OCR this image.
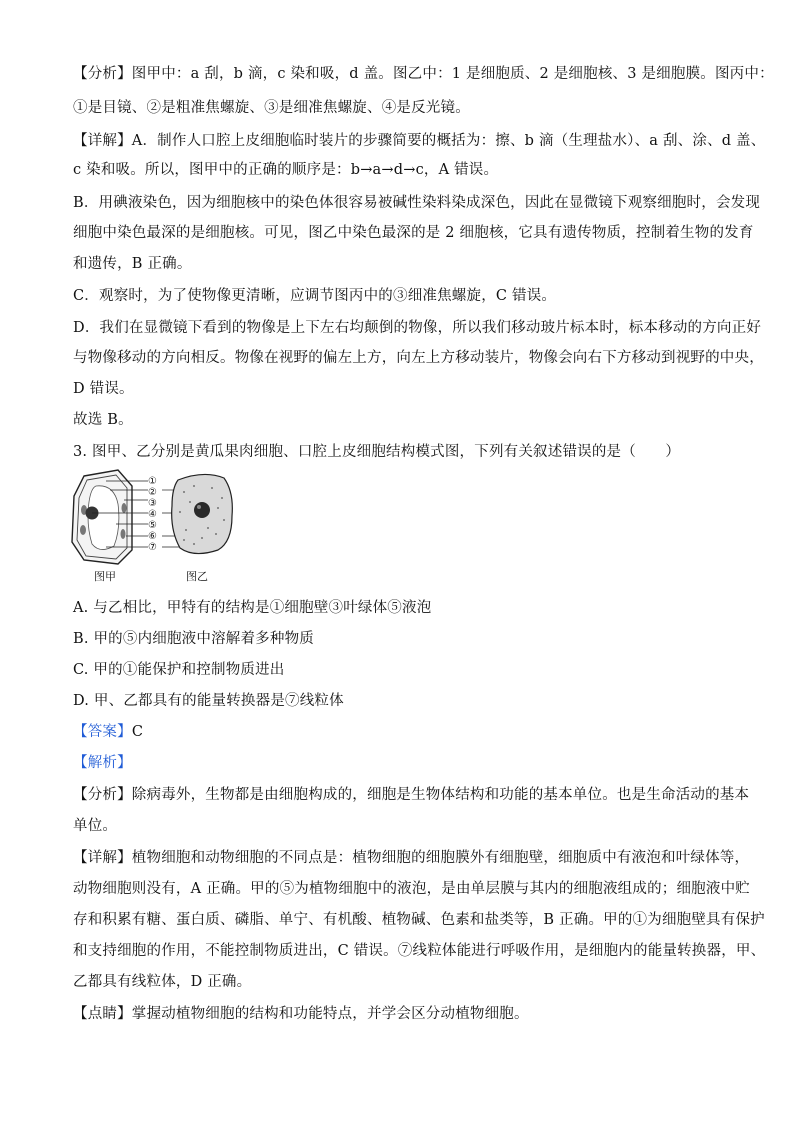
【分析】图甲中：a 刮，b 滴，c 染和吸，d 盖。图乙中：1 是细胞质、2 是细胞核、3 是细胞膜。图丙中：
①是目镜、②是粗准焦螺旋、③是细准焦螺旋、④是反光镜。
【详解】A．制作人口腔上皮细胞临时装片的步骤简要的概括为：擦、b 滴（生理盐水）、a 刮、涂、d 盖、
c 染和吸。所以，图甲中的正确的顺序是：b→a→d→c，A 错误。
B．用碘液染色，因为细胞核中的染色体很容易被碱性染料染成深色，因此在显微镜下观察细胞时，会发现
细胞中染色最深的是细胞核。可见，图乙中染色最深的是 2 细胞核，它具有遗传物质，控制着生物的发育
和遗传，B 正确。
C．观察时，为了使物像更清晰，应调节图丙中的③细准焦螺旋，C 错误。
D．我们在显微镜下看到的物像是上下左右均颠倒的物像，所以我们移动玻片标本时，标本移动的方向正好
与物像移动的方向相反。物像在视野的偏左上方，向左上方移动装片，物像会向右下方移动到视野的中央，
D 错误。
故选 B。
3. 图甲、乙分别是黄瓜果肉细胞、口腔上皮细胞结构模式图，下列有关叙述错误的是（　　）
①
②
③
④
⑤
⑥
⑦
图甲	图乙
A. 与乙相比，甲特有的结构是①细胞壁③叶绿体⑤液泡
B. 甲的⑤内细胞液中溶解着多种物质
C. 甲的①能保护和控制物质进出
D. 甲、乙都具有的能量转换器是⑦线粒体
【答案】C
【解析】
【分析】除病毒外，生物都是由细胞构成的，细胞是生物体结构和功能的基本单位。也是生命活动的基本
单位。
【详解】植物细胞和动物细胞的不同点是：植物细胞的细胞膜外有细胞壁，细胞质中有液泡和叶绿体等，
动物细胞则没有，A 正确。甲的⑤为植物细胞中的液泡，是由单层膜与其内的细胞液组成的；细胞液中贮
存和积累有糖、蛋白质、磷脂、单宁、有机酸、植物碱、色素和盐类等，B 正确。甲的①为细胞壁具有保护
和支持细胞的作用，不能控制物质进出，C 错误。⑦线粒体能进行呼吸作用，是细胞内的能量转换器，甲、
乙都具有线粒体，D 正确。
【点睛】掌握动植物细胞的结构和功能特点，并学会区分动植物细胞。
